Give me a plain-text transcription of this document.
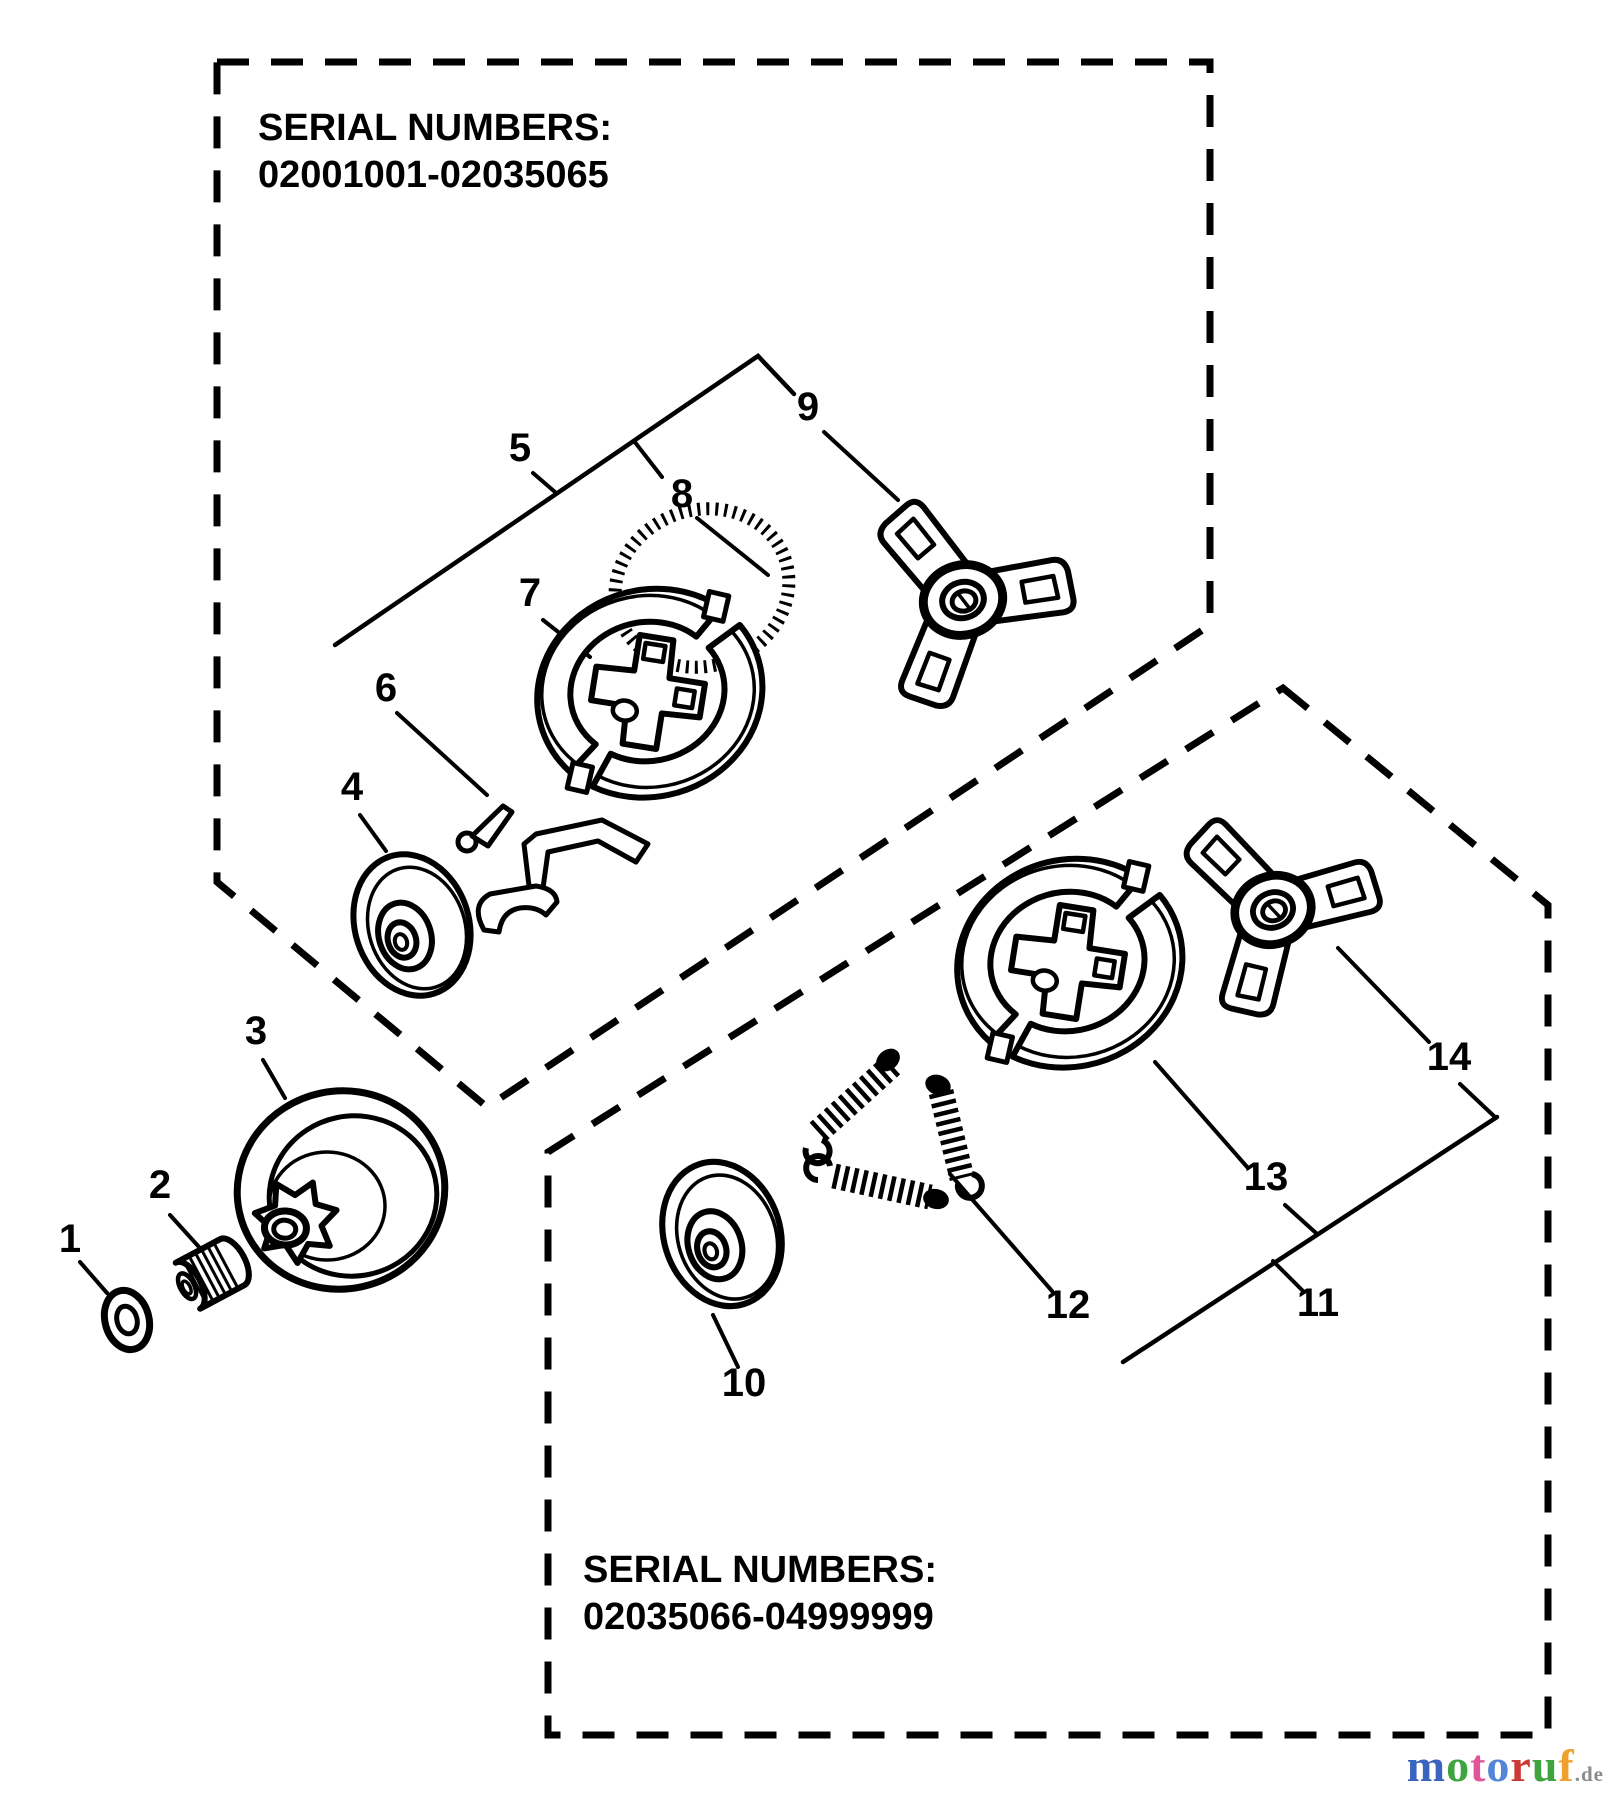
SERIAL NUMBERS:
02001001-02035065
SERIAL NUMBERS:
02035066-04999999
1
2
3
4
5
6
7
8
9
10
11
12
13
14
motoruf.de
